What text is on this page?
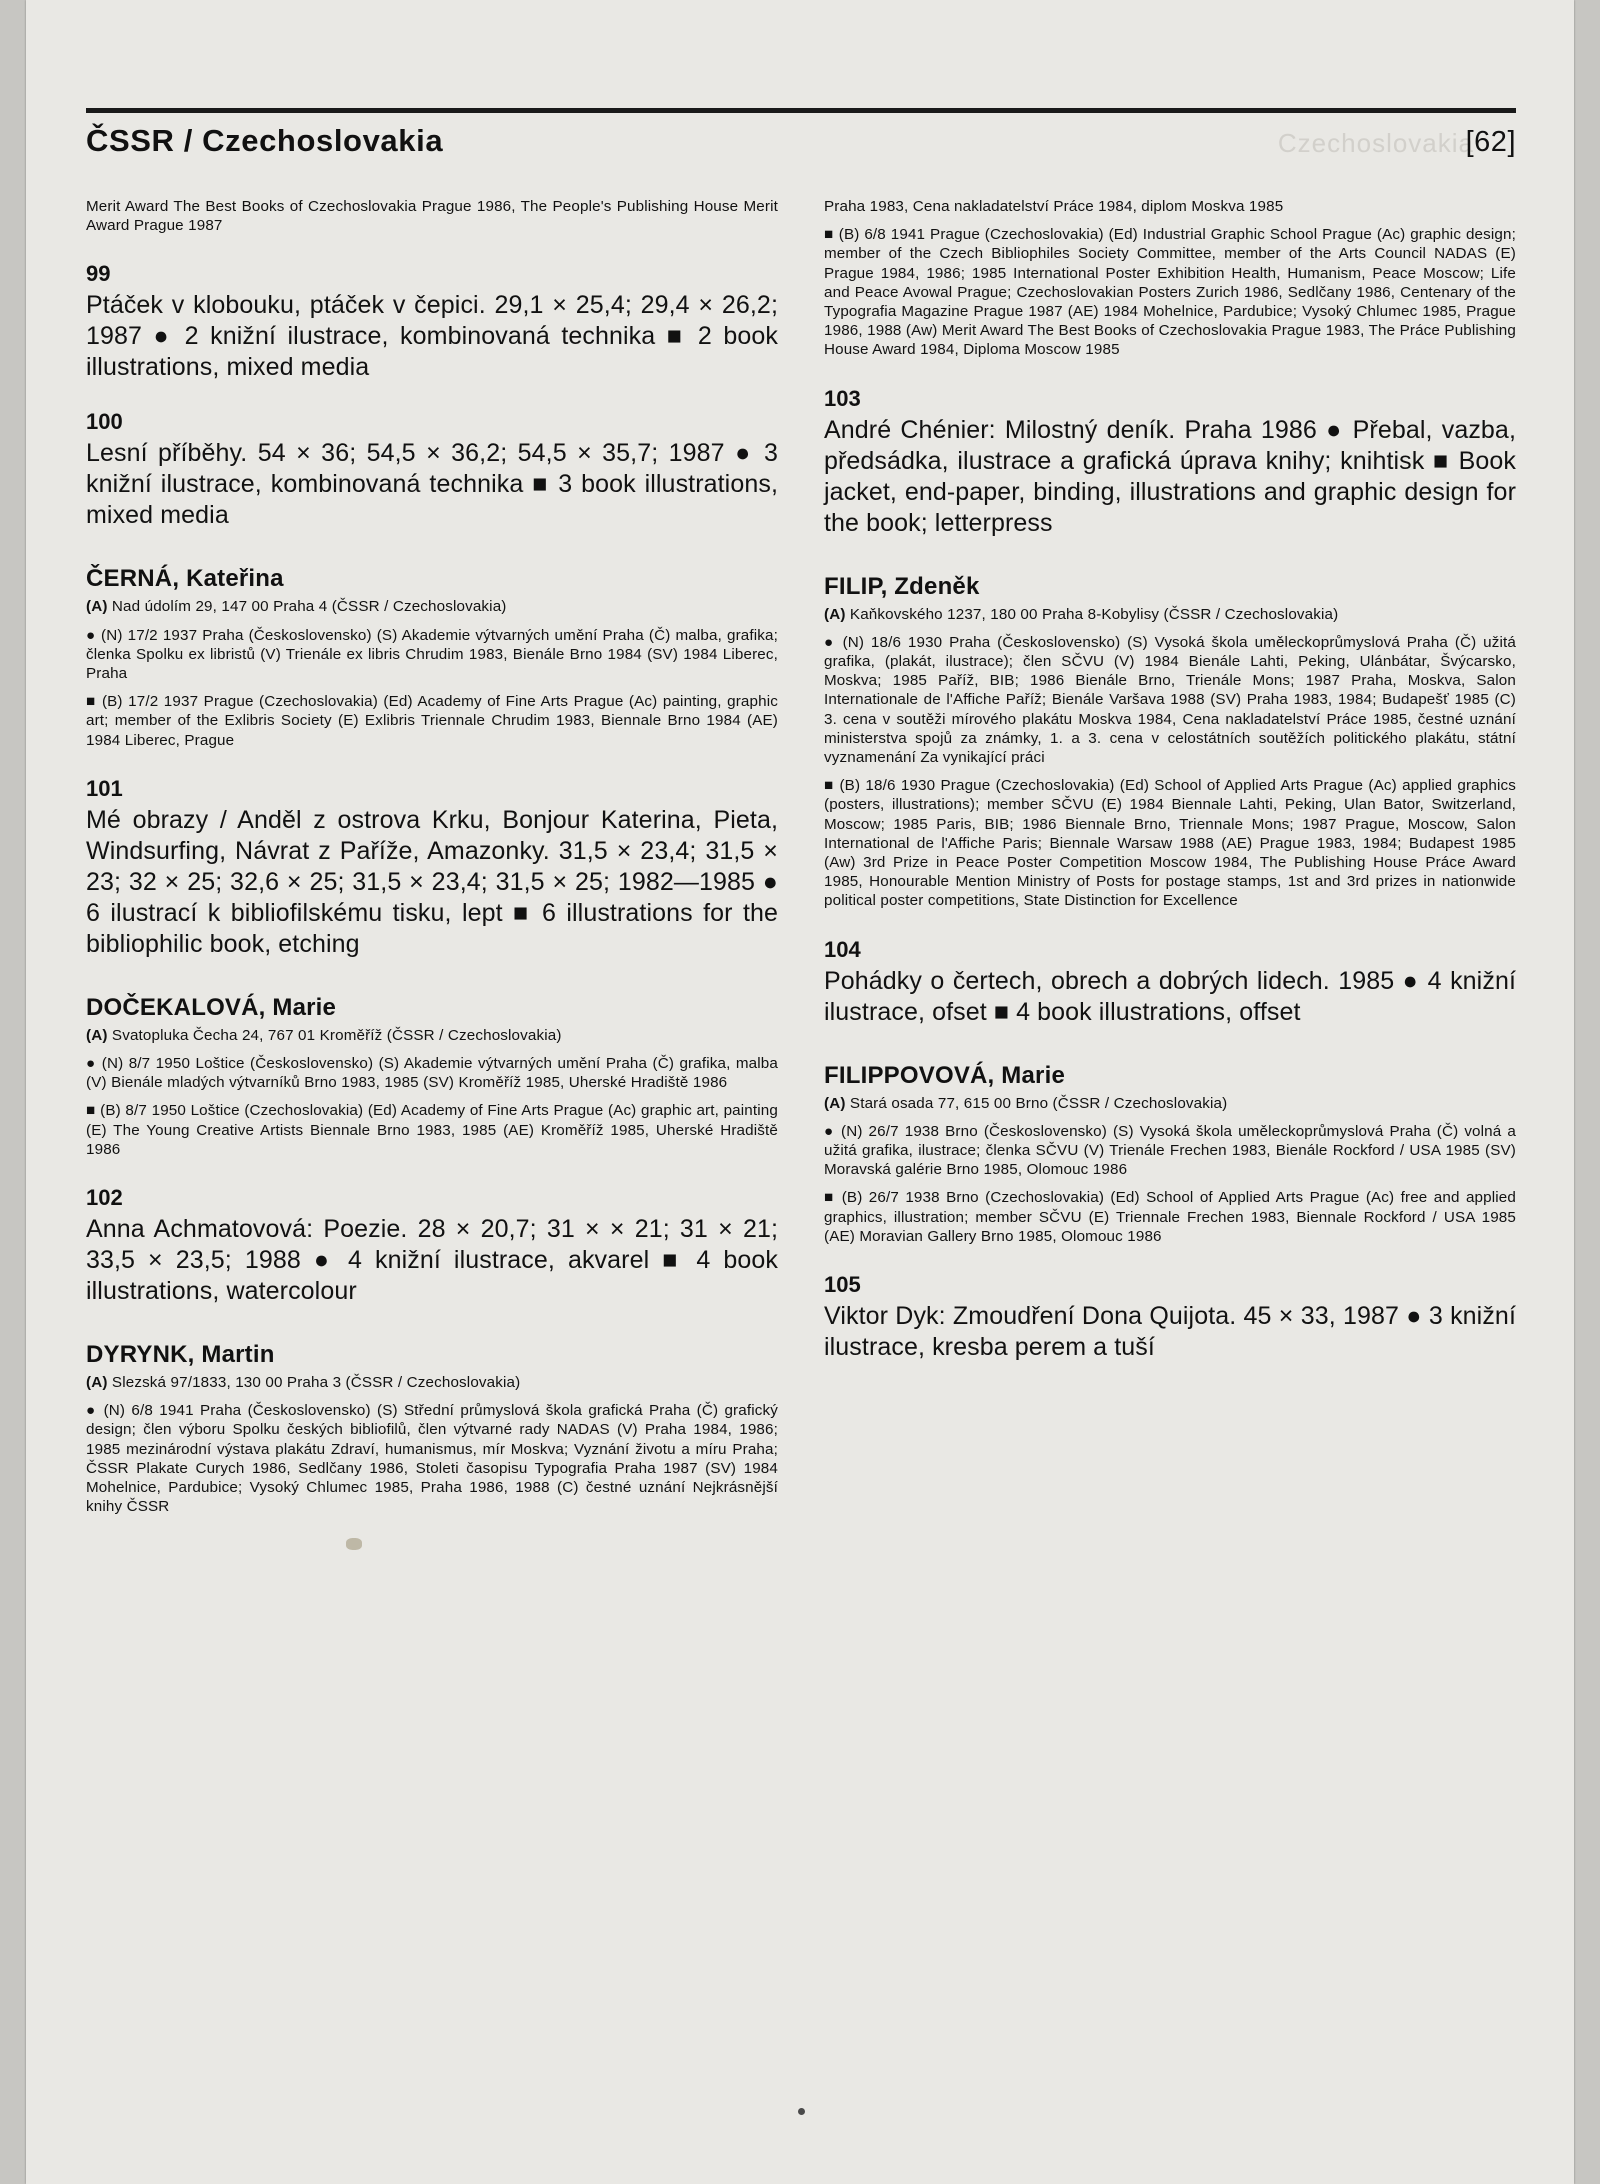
Czechoslovakia
ČSSR / Czechoslovakia	[62]
Merit Award The Best Books of Czechoslovakia Prague 1986, The People's Publishing House Merit Award Prague 1987
99
Ptáček v klobouku, ptáček v čepici. 29,1 × 25,4; 29,4 × 26,2; 1987 ● 2 knižní ilustrace, kombinovaná technika ■ 2 book illustrations, mixed media
100
Lesní příběhy. 54 × 36; 54,5 × 36,2; 54,5 × 35,7; 1987 ● 3 knižní ilustrace, kombinovaná technika ■ 3 book illustrations, mixed media
ČERNÁ, Kateřina
(A) Nad údolím 29, 147 00 Praha 4 (ČSSR / Czechoslovakia)
● (N) 17/2 1937 Praha (Československo) (S) Akademie výtvarných umění Praha (Č) malba, grafika; členka Spolku ex libristů (V) Trienále ex libris Chrudim 1983, Bienále Brno 1984 (SV) 1984 Liberec, Praha
■ (B) 17/2 1937 Prague (Czechoslovakia) (Ed) Academy of Fine Arts Prague (Ac) painting, graphic art; member of the Exlibris Society (E) Exlibris Triennale Chrudim 1983, Biennale Brno 1984 (AE) 1984 Liberec, Prague
101
Mé obrazy / Anděl z ostrova Krku, Bonjour Katerina, Pieta, Windsurfing, Návrat z Paříže, Amazonky. 31,5 × 23,4; 31,5 × 23; 32 × 25; 32,6 × 25; 31,5 × 23,4; 31,5 × 25; 1982—1985 ● 6 ilustrací k bibliofilskému tisku, lept ■ 6 illustrations for the bibliophilic book, etching
DOČEKALOVÁ, Marie
(A) Svatopluka Čecha 24, 767 01 Kroměříž (ČSSR / Czechoslovakia)
● (N) 8/7 1950 Loštice (Československo) (S) Akademie výtvarných umění Praha (Č) grafika, malba (V) Bienále mladých výtvarníků Brno 1983, 1985 (SV) Kroměříž 1985, Uherské Hradiště 1986
■ (B) 8/7 1950 Loštice (Czechoslovakia) (Ed) Academy of Fine Arts Prague (Ac) graphic art, painting (E) The Young Creative Artists Biennale Brno 1983, 1985 (AE) Kroměříž 1985, Uherské Hradiště 1986
102
Anna Achmatovová: Poezie. 28 × 20,7; 31 × × 21; 31 × 21; 33,5 × 23,5; 1988 ● 4 knižní ilustrace, akvarel ■ 4 book illustrations, watercolour
DYRYNK, Martin
(A) Slezská 97/1833, 130 00 Praha 3 (ČSSR / Czechoslovakia)
● (N) 6/8 1941 Praha (Československo) (S) Střední průmyslová škola grafická Praha (Č) grafický design; člen výboru Spolku českých bibliofilů, člen výtvarné rady NADAS (V) Praha 1984, 1986; 1985 mezinárodní výstava plakátu Zdraví, humanismus, mír Moskva; Vyznání životu a míru Praha; ČSSR Plakate Curych 1986, Sedlčany 1986, Stoleti časopisu Typografia Praha 1987 (SV) 1984 Mohelnice, Pardubice; Vysoký Chlumec 1985, Praha 1986, 1988 (C) čestné uznání Nejkrásnější knihy ČSSR
Praha 1983, Cena nakladatelství Práce 1984, diplom Moskva 1985
■ (B) 6/8 1941 Prague (Czechoslovakia) (Ed) Industrial Graphic School Prague (Ac) graphic design; member of the Czech Bibliophiles Society Committee, member of the Arts Council NADAS (E) Prague 1984, 1986; 1985 International Poster Exhibition Health, Humanism, Peace Moscow; Life and Peace Avowal Prague; Czechoslovakian Posters Zurich 1986, Sedlčany 1986, Centenary of the Typografia Magazine Prague 1987 (AE) 1984 Mohelnice, Pardubice; Vysoký Chlumec 1985, Prague 1986, 1988 (Aw) Merit Award The Best Books of Czechoslovakia Prague 1983, The Práce Publishing House Award 1984, Diploma Moscow 1985
103
André Chénier: Milostný deník. Praha 1986 ● Přebal, vazba, předsádka, ilustrace a grafická úprava knihy; knihtisk ■ Book jacket, end-paper, binding, illustrations and graphic design for the book; letterpress
FILIP, Zdeněk
(A) Kaňkovského 1237, 180 00 Praha 8-Kobylisy (ČSSR / Czechoslovakia)
● (N) 18/6 1930 Praha (Československo) (S) Vysoká škola uměleckoprůmyslová Praha (Č) užitá grafika, (plakát, ilustrace); člen SČVU (V) 1984 Bienále Lahti, Peking, Ulánbátar, Švýcarsko, Moskva; 1985 Paříž, BIB; 1986 Bienále Brno, Trienále Mons; 1987 Praha, Moskva, Salon Internationale de l'Affiche Paříž; Bienále Varšava 1988 (SV) Praha 1983, 1984; Budapešť 1985 (C) 3. cena v soutěži mírového plakátu Moskva 1984, Cena nakladatelství Práce 1985, čestné uznání ministerstva spojů za známky, 1. a 3. cena v celostátních soutěžích politického plakátu, státní vyznamenání Za vynikající práci
■ (B) 18/6 1930 Prague (Czechoslovakia) (Ed) School of Applied Arts Prague (Ac) applied graphics (posters, illustrations); member SČVU (E) 1984 Biennale Lahti, Peking, Ulan Bator, Switzerland, Moscow; 1985 Paris, BIB; 1986 Biennale Brno, Triennale Mons; 1987 Prague, Moscow, Salon International de l'Affiche Paris; Biennale Warsaw 1988 (AE) Prague 1983, 1984; Budapest 1985 (Aw) 3rd Prize in Peace Poster Competition Moscow 1984, The Publishing House Práce Award 1985, Honourable Mention Ministry of Posts for postage stamps, 1st and 3rd prizes in nationwide political poster competitions, State Distinction for Excellence
104
Pohádky o čertech, obrech a dobrých lidech. 1985 ● 4 knižní ilustrace, ofset ■ 4 book illustrations, offset
FILIPPOVOVÁ, Marie
(A) Stará osada 77, 615 00 Brno (ČSSR / Czechoslovakia)
● (N) 26/7 1938 Brno (Československo) (S) Vysoká škola uměleckoprůmyslová Praha (Č) volná a užitá grafika, ilustrace; členka SČVU (V) Trienále Frechen 1983, Bienále Rockford / USA 1985 (SV) Moravská galérie Brno 1985, Olomouc 1986
■ (B) 26/7 1938 Brno (Czechoslovakia) (Ed) School of Applied Arts Prague (Ac) free and applied graphics, illustration; member SČVU (E) Triennale Frechen 1983, Biennale Rockford / USA 1985 (AE) Moravian Gallery Brno 1985, Olomouc 1986
105
Viktor Dyk: Zmoudření Dona Quijota. 45 × 33, 1987 ● 3 knižní ilustrace, kresba perem a tuší
